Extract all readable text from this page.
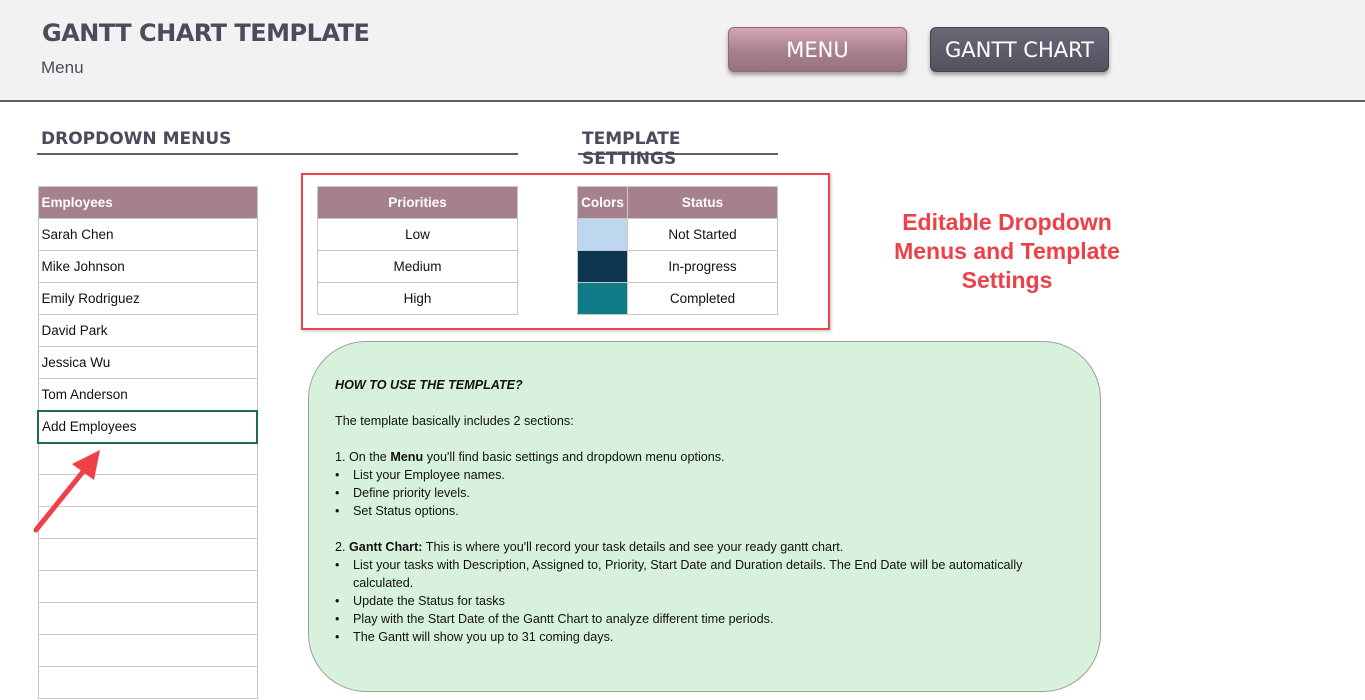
GANTT CHART TEMPLATE
Menu
MENU	GANTT CHART
DROPDOWN MENUS	TEMPLATE SETTINGS
Employees
Sarah Chen
Mike Johnson
Emily Rodriguez
David Park
Jessica Wu
Tom Anderson
Add Employees

Priorities
Low
Medium
High
Colors	Status
	Not Started
	In-progress
	Completed
Editable Dropdown Menus and Template Settings

HOW TO USE THE TEMPLATE?

The template basically includes 2 sections:

1. On the Menu you'll find basic settings and dropdown menu options.

• List your Employee names.
• Define priority levels.
• Set Status options.

2. Gantt Chart: This is where you'll record your task details and see your ready gantt chart.

• List your tasks with Description, Assigned to, Priority, Start Date and Duration details. The End Date will be automatically calculated.
• Update the Status for tasks
• Play with the Start Date of the Gantt Chart to analyze different time periods.
• The Gantt will show you up to 31 coming days.
